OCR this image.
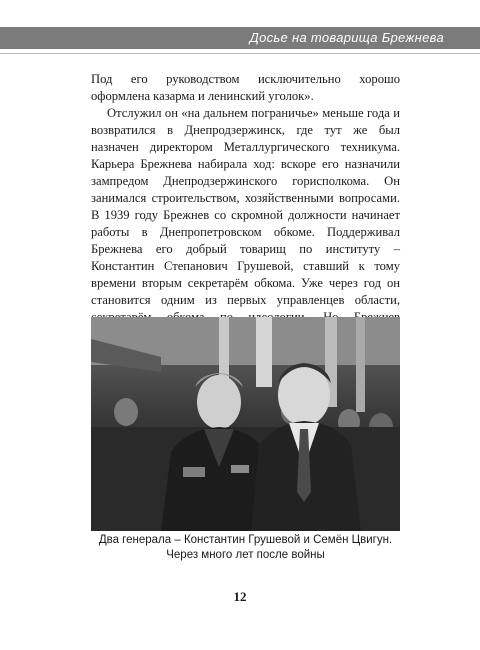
Досье на товарища Брежнева

Под его руководством исключительно хорошо оформлена казарма и ленинский уголок».

Отслужил он «на дальнем пограничье» меньше года и возвратился в Днепродзержинск, где тут же был назначен директором Металлургического техникума. Карьера Брежнева набирала ход: вскоре его назначили зампредом Днепродзержинского горисполкома. Он занимался строительством, хозяйственными вопросами. В 1939 году Брежнев со скромной должности начинает работы в Днепропетровском обкоме. Поддерживал Брежнева его добрый товарищ по институту – Константин Степанович Грушевой, ставший к тому времени вторым секретарём обкома. Уже через год он становится одним из первых управленцев области,

Два генерала – Константин Грушевой и Семён Цвигун.
Через много лет после войны
12
